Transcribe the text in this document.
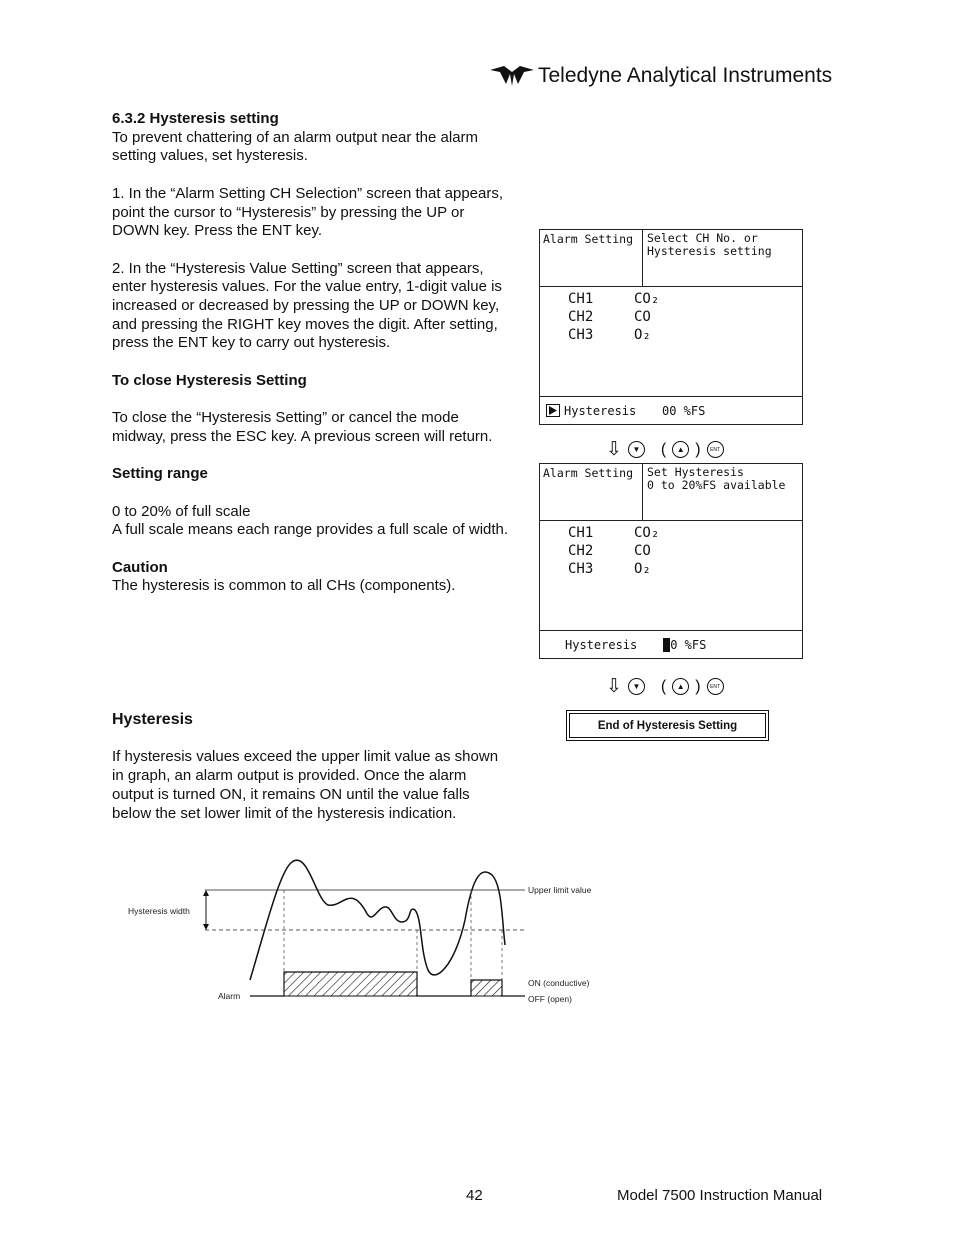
Teledyne Analytical Instruments
6.3.2 Hysteresis setting

To prevent chattering of an alarm output near the alarm setting values, set hysteresis.

1. In the “Alarm Setting CH Selection” screen that appears, point the cursor to “Hysteresis” by pressing the UP or DOWN key. Press the ENT key.

2. In the “Hysteresis Value Setting” screen that appears, enter hysteresis values. For the value entry, 1-digit value is increased or decreased by pressing the UP or DOWN key, and pressing the RIGHT key moves the digit. After setting, press the ENT key to carry out hysteresis.

To close Hysteresis Setting

To close the “Hysteresis Setting” or cancel the mode midway, press the ESC key. A previous screen will return.

Setting range

0 to 20% of full scale

A full scale means each range provides a full scale of width.

Caution

The hysteresis is common to all CHs (components).

Hysteresis

If hysteresis values exceed the upper limit value as shown in graph, an alarm output is provided. Once the alarm output is turned ON, it remains ON until the value falls below the set lower limit of the hysteresis indication.

Alarm Setting	Select CH No. or
Hysteresis setting
CH1	CO₂
CH2	CO
CH3	O₂
Hysteresis	00 %FS
⇩	▼ (	▲ ) ENT
Alarm Setting	Set Hysteresis
0 to 20%FS available
CH1	CO₂
CH2	CO
CH3	O₂
Hysteresis	00 %FS
⇩	▼ (	▲ ) ENT
End of Hysteresis Setting
Hysteresis width
Alarm
Upper limit value
ON (conductive)
OFF (open)
42	Model 7500 Instruction Manual
